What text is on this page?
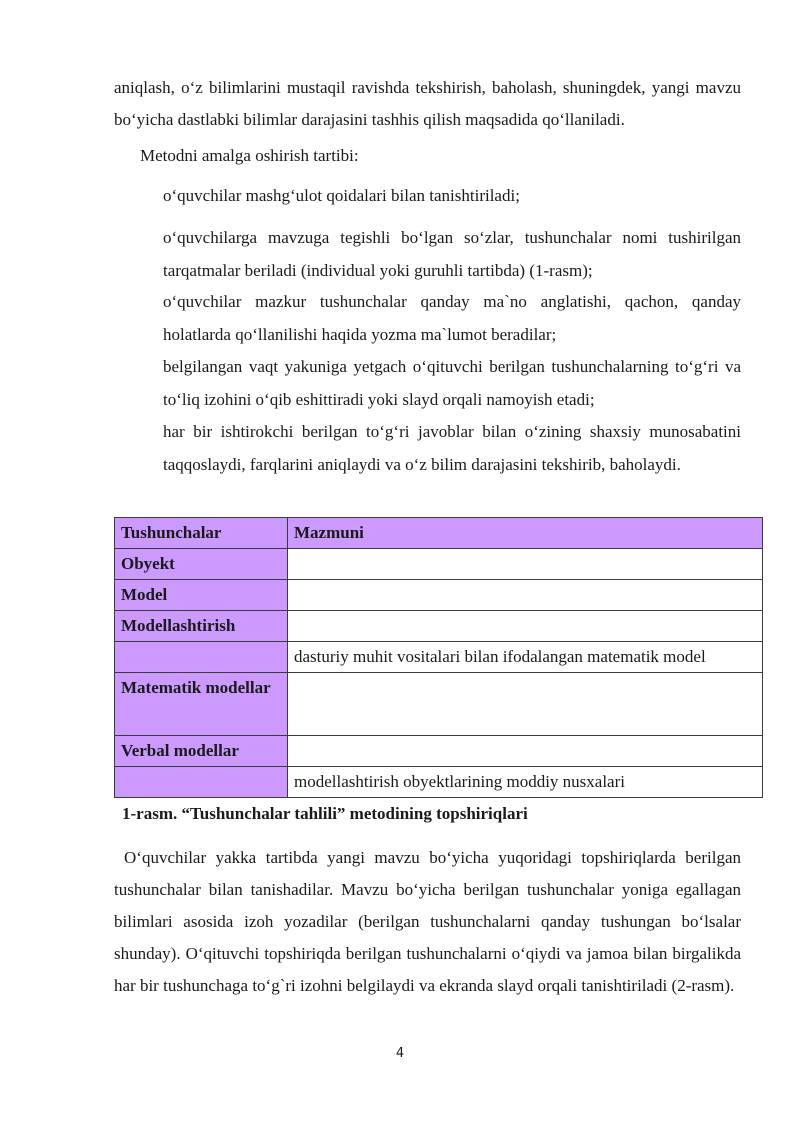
aniqlash, o‘z bilimlarini mustaqil ravishda tekshirish, baholash, shuningdek, yangi mavzu bo‘yicha dastlabki bilimlar darajasini tashhis qilish maqsadida qo‘llaniladi.

Metodni amalga oshirish tartibi:

o‘quvchilar mashg‘ulot qoidalari bilan tanishtiriladi;

o‘quvchilarga mavzuga tegishli bo‘lgan so‘zlar, tushunchalar nomi tushirilgan tarqatmalar beriladi (individual yoki guruhli tartibda) (1-rasm);

o‘quvchilar mazkur tushunchalar qanday ma`no anglatishi, qachon, qanday holatlarda qo‘llanilishi haqida yozma ma`lumot beradilar;

belgilangan vaqt yakuniga yetgach o‘qituvchi berilgan tushunchalarning to‘g‘ri va to‘liq izohini o‘qib eshittiradi yoki slayd orqali namoyish etadi;

har bir ishtirokchi berilgan to‘g‘ri javoblar bilan o‘zining shaxsiy munosabatini taqqoslaydi, farqlarini aniqlaydi va o‘z bilim darajasini tekshirib, baholaydi.

Tushunchalar	Mazmuni
Obyekt	
Model	
Modellashtirish	
	dasturiy muhit vositalari bilan ifodalangan matematik model
Matematik modellar	
Verbal modellar	
	modellashtirish obyektlarining moddiy nusxalari
1-rasm. “Tushunchalar tahlili” metodining topshiriqlari

O‘quvchilar yakka tartibda yangi mavzu bo‘yicha yuqoridagi topshiriqlarda berilgan tushunchalar bilan tanishadilar. Mavzu bo‘yicha berilgan tushunchalar yoniga egallagan bilimlari asosida izoh yozadilar (berilgan tushunchalarni qanday tushungan bo‘lsalar shunday). O‘qituvchi topshiriqda berilgan tushunchalarni o‘qiydi va jamoa bilan birgalikda har bir tushunchaga to‘g`ri izohni belgilaydi va ekranda slayd orqali tanishtiriladi (2-rasm).

4
